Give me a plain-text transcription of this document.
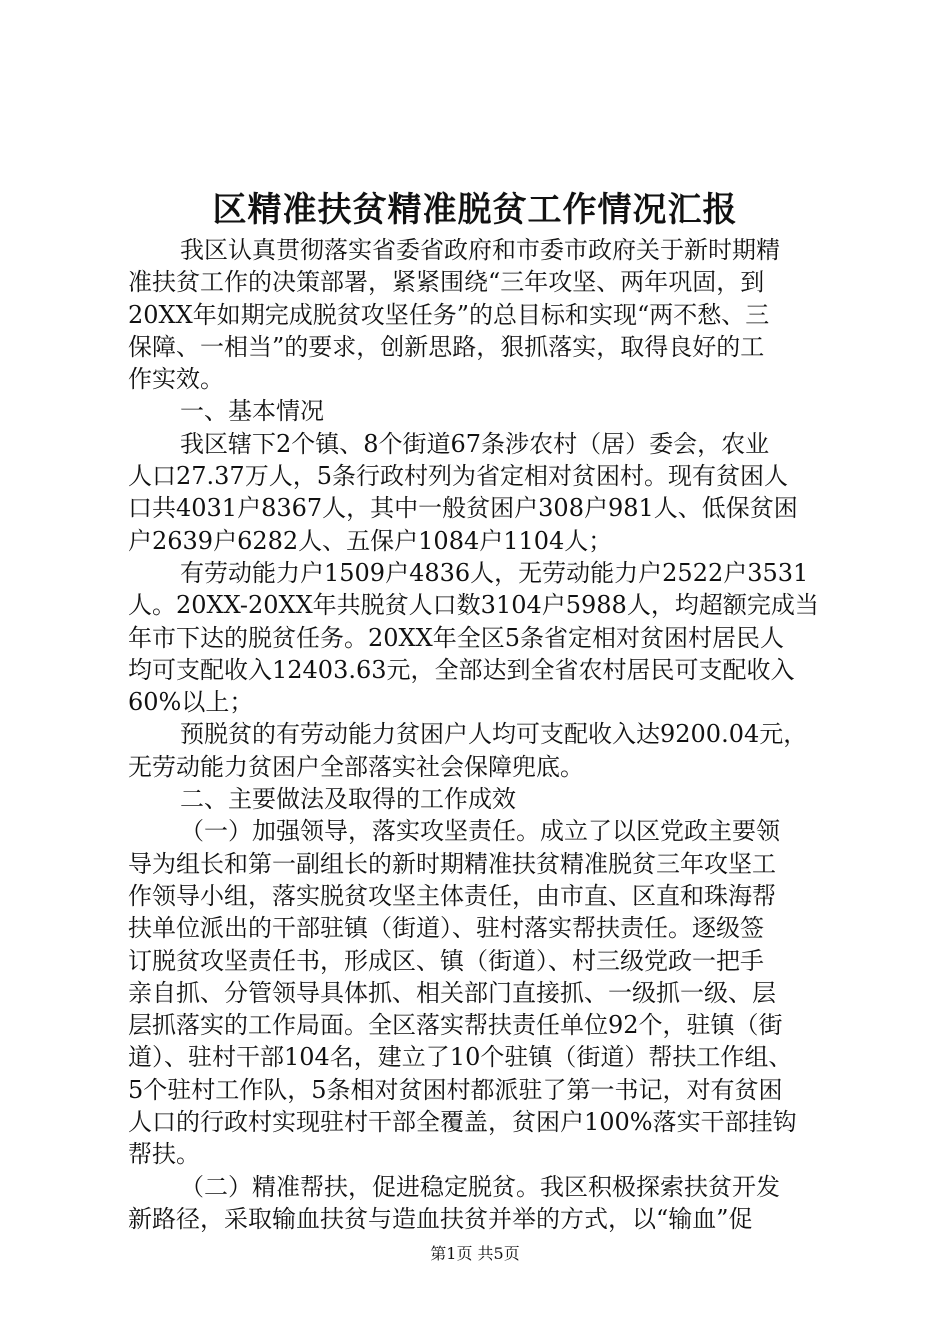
区精准扶贫精准脱贫工作情况汇报
我区认真贯彻落实省委省政府和市委市政府关于新时期精
准扶贫工作的决策部署，紧紧围绕“三年攻坚、两年巩固，到
20XX年如期完成脱贫攻坚任务”的总目标和实现“两不愁、三
保障、一相当”的要求，创新思路，狠抓落实，取得良好的工
作实效。
一、基本情况
我区辖下2个镇、8个街道67条涉农村（居）委会，农业
人口27.37万人，5条行政村列为省定相对贫困村。现有贫困人
口共4031户8367人，其中一般贫困户308户981人、低保贫困
户2639户6282人、五保户1084户1104人；
有劳动能力户1509户4836人，无劳动能力户2522户3531
人。20XX-20XX年共脱贫人口数3104户5988人，均超额完成当
年市下达的脱贫任务。20XX年全区5条省定相对贫困村居民人
均可支配收入12403.63元，全部达到全省农村居民可支配收入
60%以上；
预脱贫的有劳动能力贫困户人均可支配收入达9200.04元，
无劳动能力贫困户全部落实社会保障兜底。
二、主要做法及取得的工作成效
（一）加强领导，落实攻坚责任。成立了以区党政主要领
导为组长和第一副组长的新时期精准扶贫精准脱贫三年攻坚工
作领导小组，落实脱贫攻坚主体责任，由市直、区直和珠海帮
扶单位派出的干部驻镇（街道）、驻村落实帮扶责任。逐级签
订脱贫攻坚责任书，形成区、镇（街道）、村三级党政一把手
亲自抓、分管领导具体抓、相关部门直接抓、一级抓一级、层
层抓落实的工作局面。全区落实帮扶责任单位92个，驻镇（街
道）、驻村干部104名，建立了10个驻镇（街道）帮扶工作组、
5个驻村工作队，5条相对贫困村都派驻了第一书记，对有贫困
人口的行政村实现驻村干部全覆盖，贫困户100%落实干部挂钩
帮扶。
（二）精准帮扶，促进稳定脱贫。我区积极探索扶贫开发
新路径，采取输血扶贫与造血扶贫并举的方式，以“输血”促
第1页 共5页
